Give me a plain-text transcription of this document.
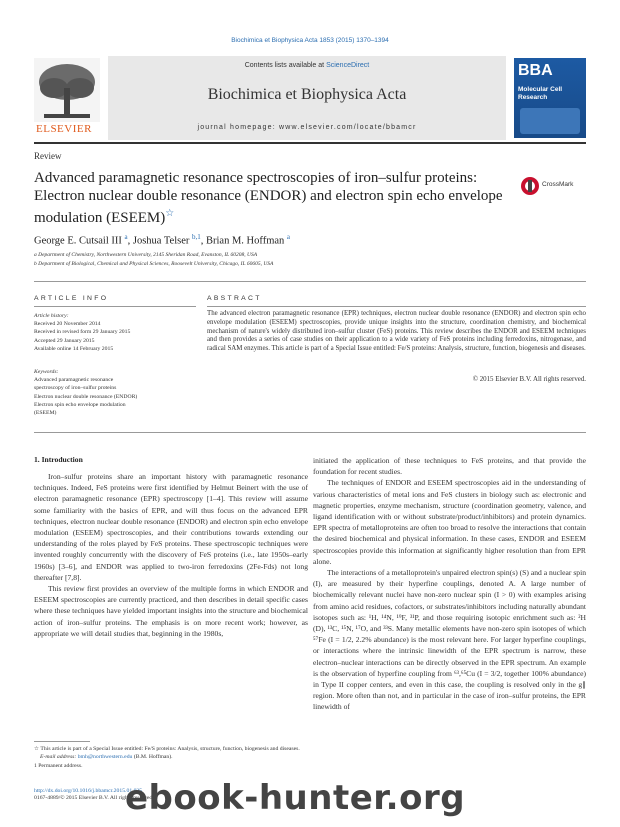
Biochimica et Biophysica Acta 1853 (2015) 1370–1394
ELSEVIER
Contents lists available at ScienceDirect
Biochimica et Biophysica Acta
journal homepage: www.elsevier.com/locate/bbamcr
BBA
Molecular Cell Research
Review
Advanced paramagnetic resonance spectroscopies of iron–sulfur proteins: Electron nuclear double resonance (ENDOR) and electron spin echo envelope modulation (ESEEM)☆
CrossMark
George E. Cutsail III $^a$, Joshua Telser $^{b,1}$, Brian M. Hoffman $^a$
a Department of Chemistry, Northwestern University, 2145 Sheridan Road, Evanston, IL 60208, USA
b Department of Biological, Chemical and Physical Sciences, Roosevelt University, Chicago, IL 60605, USA
ARTICLE INFO	ABSTRACT
Article history:
Received 20 November 2014
Received in revised form 29 January 2015
Accepted 29 January 2015
Available online 14 February 2015
Keywords:
Advanced paramagnetic resonance
spectroscopy of iron–sulfur proteins
Electron nuclear double resonance (ENDOR)
Electron spin echo envelope modulation
(ESEEM)
The advanced electron paramagnetic resonance (EPR) techniques, electron nuclear double resonance (ENDOR) and electron spin echo envelope modulation (ESEEM) spectroscopies, provide unique insights into the structure, coordination chemistry, and biochemical mechanism of nature's widely distributed iron–sulfur cluster (FeS) proteins. This review describes the ENDOR and ESEEM techniques and then provides a series of case studies on their application to a wide variety of FeS proteins including ferredoxins, nitrogenase, and radical SAM enzymes. This article is part of a Special Issue entitled: Fe/S proteins: Analysis, structure, function, biogenesis and diseases.
© 2015 Elsevier B.V. All rights reserved.
1. Introduction

Iron–sulfur proteins share an important history with paramagnetic resonance techniques. Indeed, FeS proteins were first identified by Helmut Beinert with the use of electron paramagnetic resonance (EPR) spectroscopy [1–4]. This review will assume some familiarity with the basics of EPR, and will thus focus on the advanced EPR techniques, electron nuclear double resonance (ENDOR) and electron spin echo envelope modulation (ESEEM) spectroscopies, and their contributions towards extending our understanding of the roles played by FeS proteins. These spectroscopic techniques were invented roughly concurrently with the discovery of FeS proteins (i.e., late 1950s–early 1960s) [3–6], and ENDOR was applied to two-iron ferredoxins (2Fe-Fds) not long thereafter [7,8].

This review first provides an overview of the multiple forms in which ENDOR and ESEEM spectroscopies are currently practiced, and then describes in detail specific cases where these techniques have yielded important insights into the structure and biochemical action of iron–sulfur proteins. The emphasis is on more recent work; however, as appropriate we will detail studies that, beginning in the 1980s,

initiated the application of these techniques to FeS proteins, and that provide the foundation for recent studies.

The techniques of ENDOR and ESEEM spectroscopies aid in the understanding of various characteristics of metal ions and FeS clusters in biology such as: electronic and magnetic properties, enzyme mechanism, structure (coordination geometry, valence, and ligand identification with or without substrate/product/inhibitors) and protein dynamics. EPR spectra of metalloproteins are often too broad to resolve the interactions that contain the desired biochemical and physical information. In these cases, ENDOR and ESEEM spectroscopies provide this information at significantly higher resolution than from EPR alone.

The interactions of a metalloprotein's unpaired electron spin(s) (S) and a nuclear spin (I), are measured by their hyperfine couplings, denoted A. A large number of biochemically relevant nuclei have non-zero nuclear spin (I > 0) with examples arising from amino acid residues, cofactors, or substrates/inhibitors including naturally abundant isotopes such as: ¹H, ¹⁴N, ¹⁹F, ³¹P, and those requiring isotopic enrichment such as: ²H (D), ¹³C, ¹⁵N, ¹⁷O, and ³³S. Many metallic elements have non-zero spin isotopes of which ⁵⁷Fe (I = 1/2, 2.2% abundance) is the most relevant here. For larger hyperfine couplings, or interactions where the intrinsic linewidth of the EPR spectrum is narrow, these electron–nuclear interactions can be directly observed in the EPR spectrum. An example is the observation of hyperfine coupling from ⁶³,⁶⁵Cu (I = 3/2, together 100% abundance) in Type II copper centers, and even in this case, the coupling is resolved only in the g∥ region. More often than not, and in particular in the case of iron–sulfur proteins, the EPR linewidth of

☆ This article is part of a Special Issue entitled: Fe/S proteins: Analysis, structure, function, biogenesis and diseases.
E-mail address: bmh@northwestern.edu (B.M. Hoffman).
1 Permanent address.
http://dx.doi.org/10.1016/j.bbamcr.2015.01.025
0167-4889/© 2015 Elsevier B.V. All rights reserved.
ebook-hunter.org
